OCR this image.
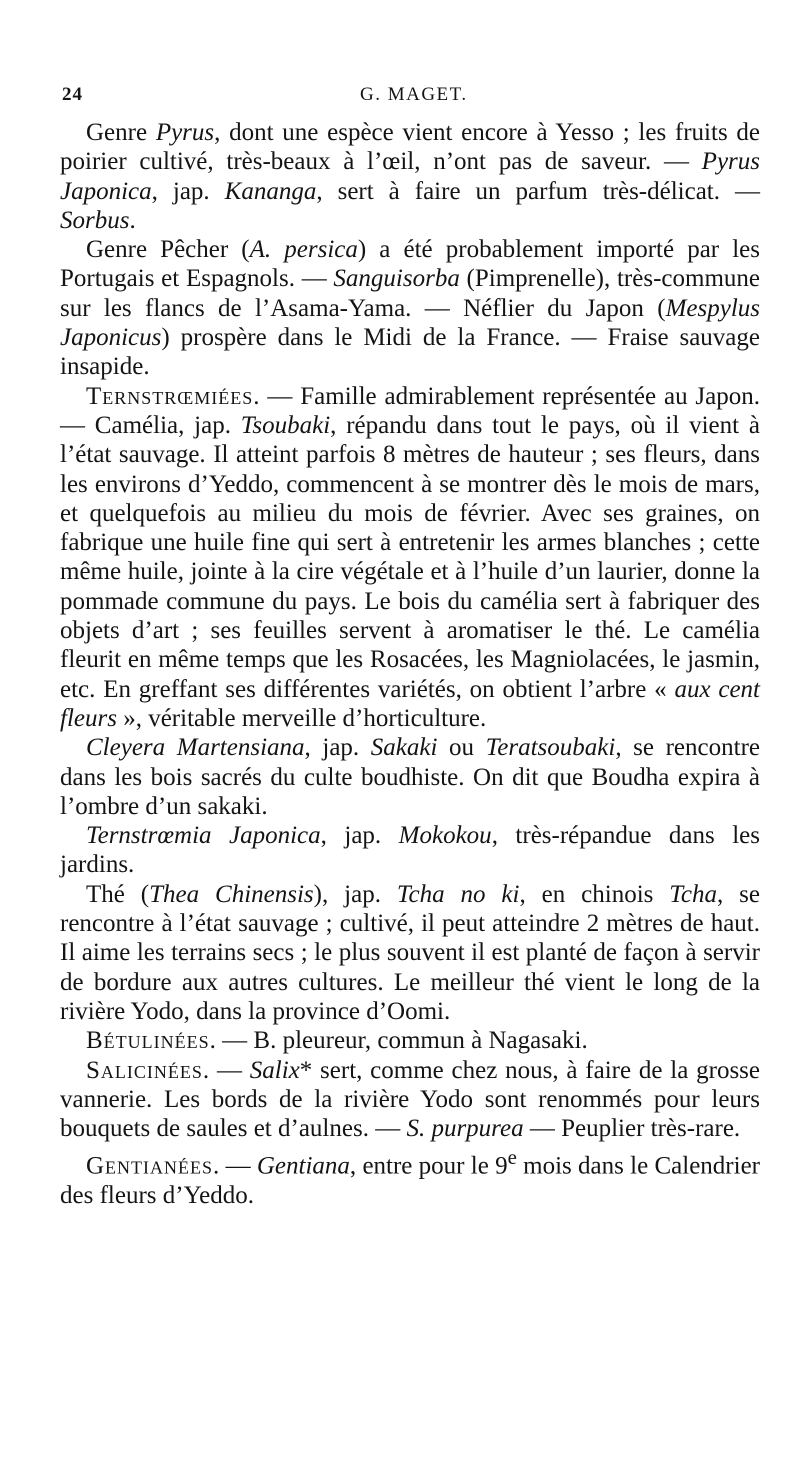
24	G. MAGET.

Genre Pyrus, dont une espèce vient encore à Yesso ; les fruits de poirier cultivé, très-beaux à l’œil, n’ont pas de saveur. — Pyrus Japonica, jap. Kananga, sert à faire un parfum très-délicat. — Sorbus.

Genre Pêcher (A. persica) a été probablement importé par les Portugais et Espagnols. — Sanguisorba (Pimprenelle), très-commune sur les flancs de l’Asama-Yama. — Néflier du Japon (Mespylus Japonicus) prospère dans le Midi de la France. — Fraise sauvage insapide.

Ternstrœmiées. — Famille admirablement représentée au Japon. — Camélia, jap. Tsoubaki, répandu dans tout le pays, où il vient à l’état sauvage. Il atteint parfois 8 mètres de hauteur ; ses fleurs, dans les environs d’Yeddo, commencent à se montrer dès le mois de mars, et quelquefois au milieu du mois de février. Avec ses graines, on fabrique une huile fine qui sert à entretenir les armes blanches ; cette même huile, jointe à la cire végétale et à l’huile d’un laurier, donne la pommade commune du pays. Le bois du camélia sert à fabriquer des objets d’art ; ses feuilles servent à aromatiser le thé. Le camélia fleurit en même temps que les Rosacées, les Magniolacées, le jasmin, etc. En greffant ses différentes variétés, on obtient l’arbre « aux cent fleurs », véritable merveille d’horticulture.

Cleyera Martensiana, jap. Sakaki ou Teratsoubaki, se rencontre dans les bois sacrés du culte boudhiste. On dit que Boudha expira à l’ombre d’un sakaki.

Ternstrœmia Japonica, jap. Mokokou, très-répandue dans les jardins.

Thé (Thea Chinensis), jap. Tcha no ki, en chinois Tcha, se rencontre à l’état sauvage ; cultivé, il peut atteindre 2 mètres de haut. Il aime les terrains secs ; le plus souvent il est planté de façon à servir de bordure aux autres cultures. Le meilleur thé vient le long de la rivière Yodo, dans la province d’Oomi.

Bétulinées. — B. pleureur, commun à Nagasaki.

Salicinées. — Salix* sert, comme chez nous, à faire de la grosse vannerie. Les bords de la rivière Yodo sont renommés pour leurs bouquets de saules et d’aulnes. — S. purpurea — Peuplier très-rare.

Gentianées. — Gentiana, entre pour le 9e mois dans le Calendrier des fleurs d’Yeddo.
